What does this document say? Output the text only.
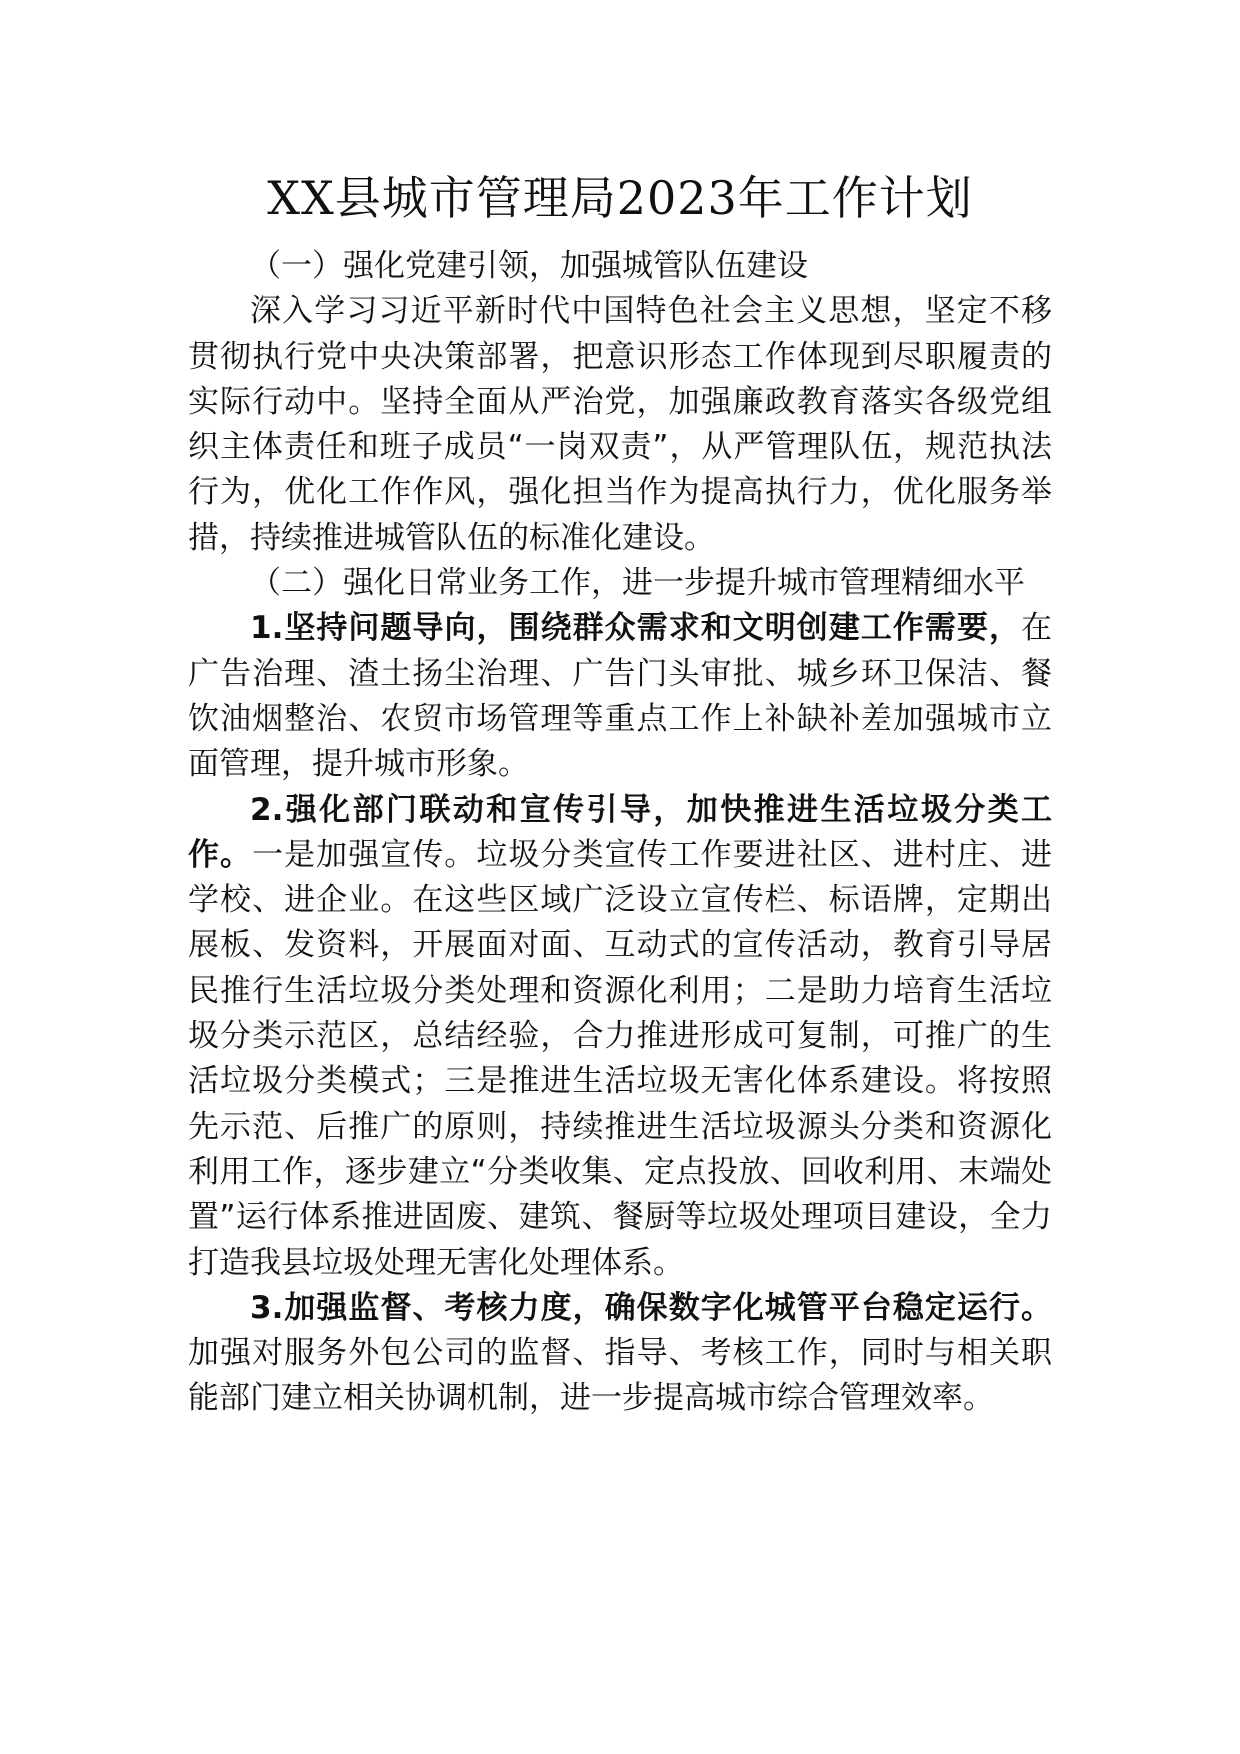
XX县城市管理局2023年工作计划

（一）强化党建引领，加强城管队伍建设

深入学习习近平新时代中国特色社会主义思想，坚定不移贯彻执行党中央决策部署，把意识形态工作体现到尽职履责的实际行动中。坚持全面从严治党，加强廉政教育落实各级党组织主体责任和班子成员“一岗双责”，从严管理队伍，规范执法行为，优化工作作风，强化担当作为提高执行力，优化服务举措，持续推进城管队伍的标准化建设。

（二）强化日常业务工作，进一步提升城市管理精细水平

1.坚持问题导向，围绕群众需求和文明创建工作需要，在广告治理、渣土扬尘治理、广告门头审批、城乡环卫保洁、餐饮油烟整治、农贸市场管理等重点工作上补缺补差加强城市立面管理，提升城市形象。

2.强化部门联动和宣传引导，加快推进生活垃圾分类工作。一是加强宣传。垃圾分类宣传工作要进社区、进村庄、进学校、进企业。在这些区域广泛设立宣传栏、标语牌，定期出展板、发资料，开展面对面、互动式的宣传活动，教育引导居民推行生活垃圾分类处理和资源化利用；二是助力培育生活垃圾分类示范区，总结经验，合力推进形成可复制，可推广的生活垃圾分类模式；三是推进生活垃圾无害化体系建设。将按照先示范、后推广的原则，持续推进生活垃圾源头分类和资源化利用工作，逐步建立“分类收集、定点投放、回收利用、末端处置”运行体系推进固废、建筑、餐厨等垃圾处理项目建设，全力打造我县垃圾处理无害化处理体系。

3.加强监督、考核力度，确保数字化城管平台稳定运行。加强对服务外包公司的监督、指导、考核工作，同时与相关职能部门建立相关协调机制，进一步提高城市综合管理效率。
